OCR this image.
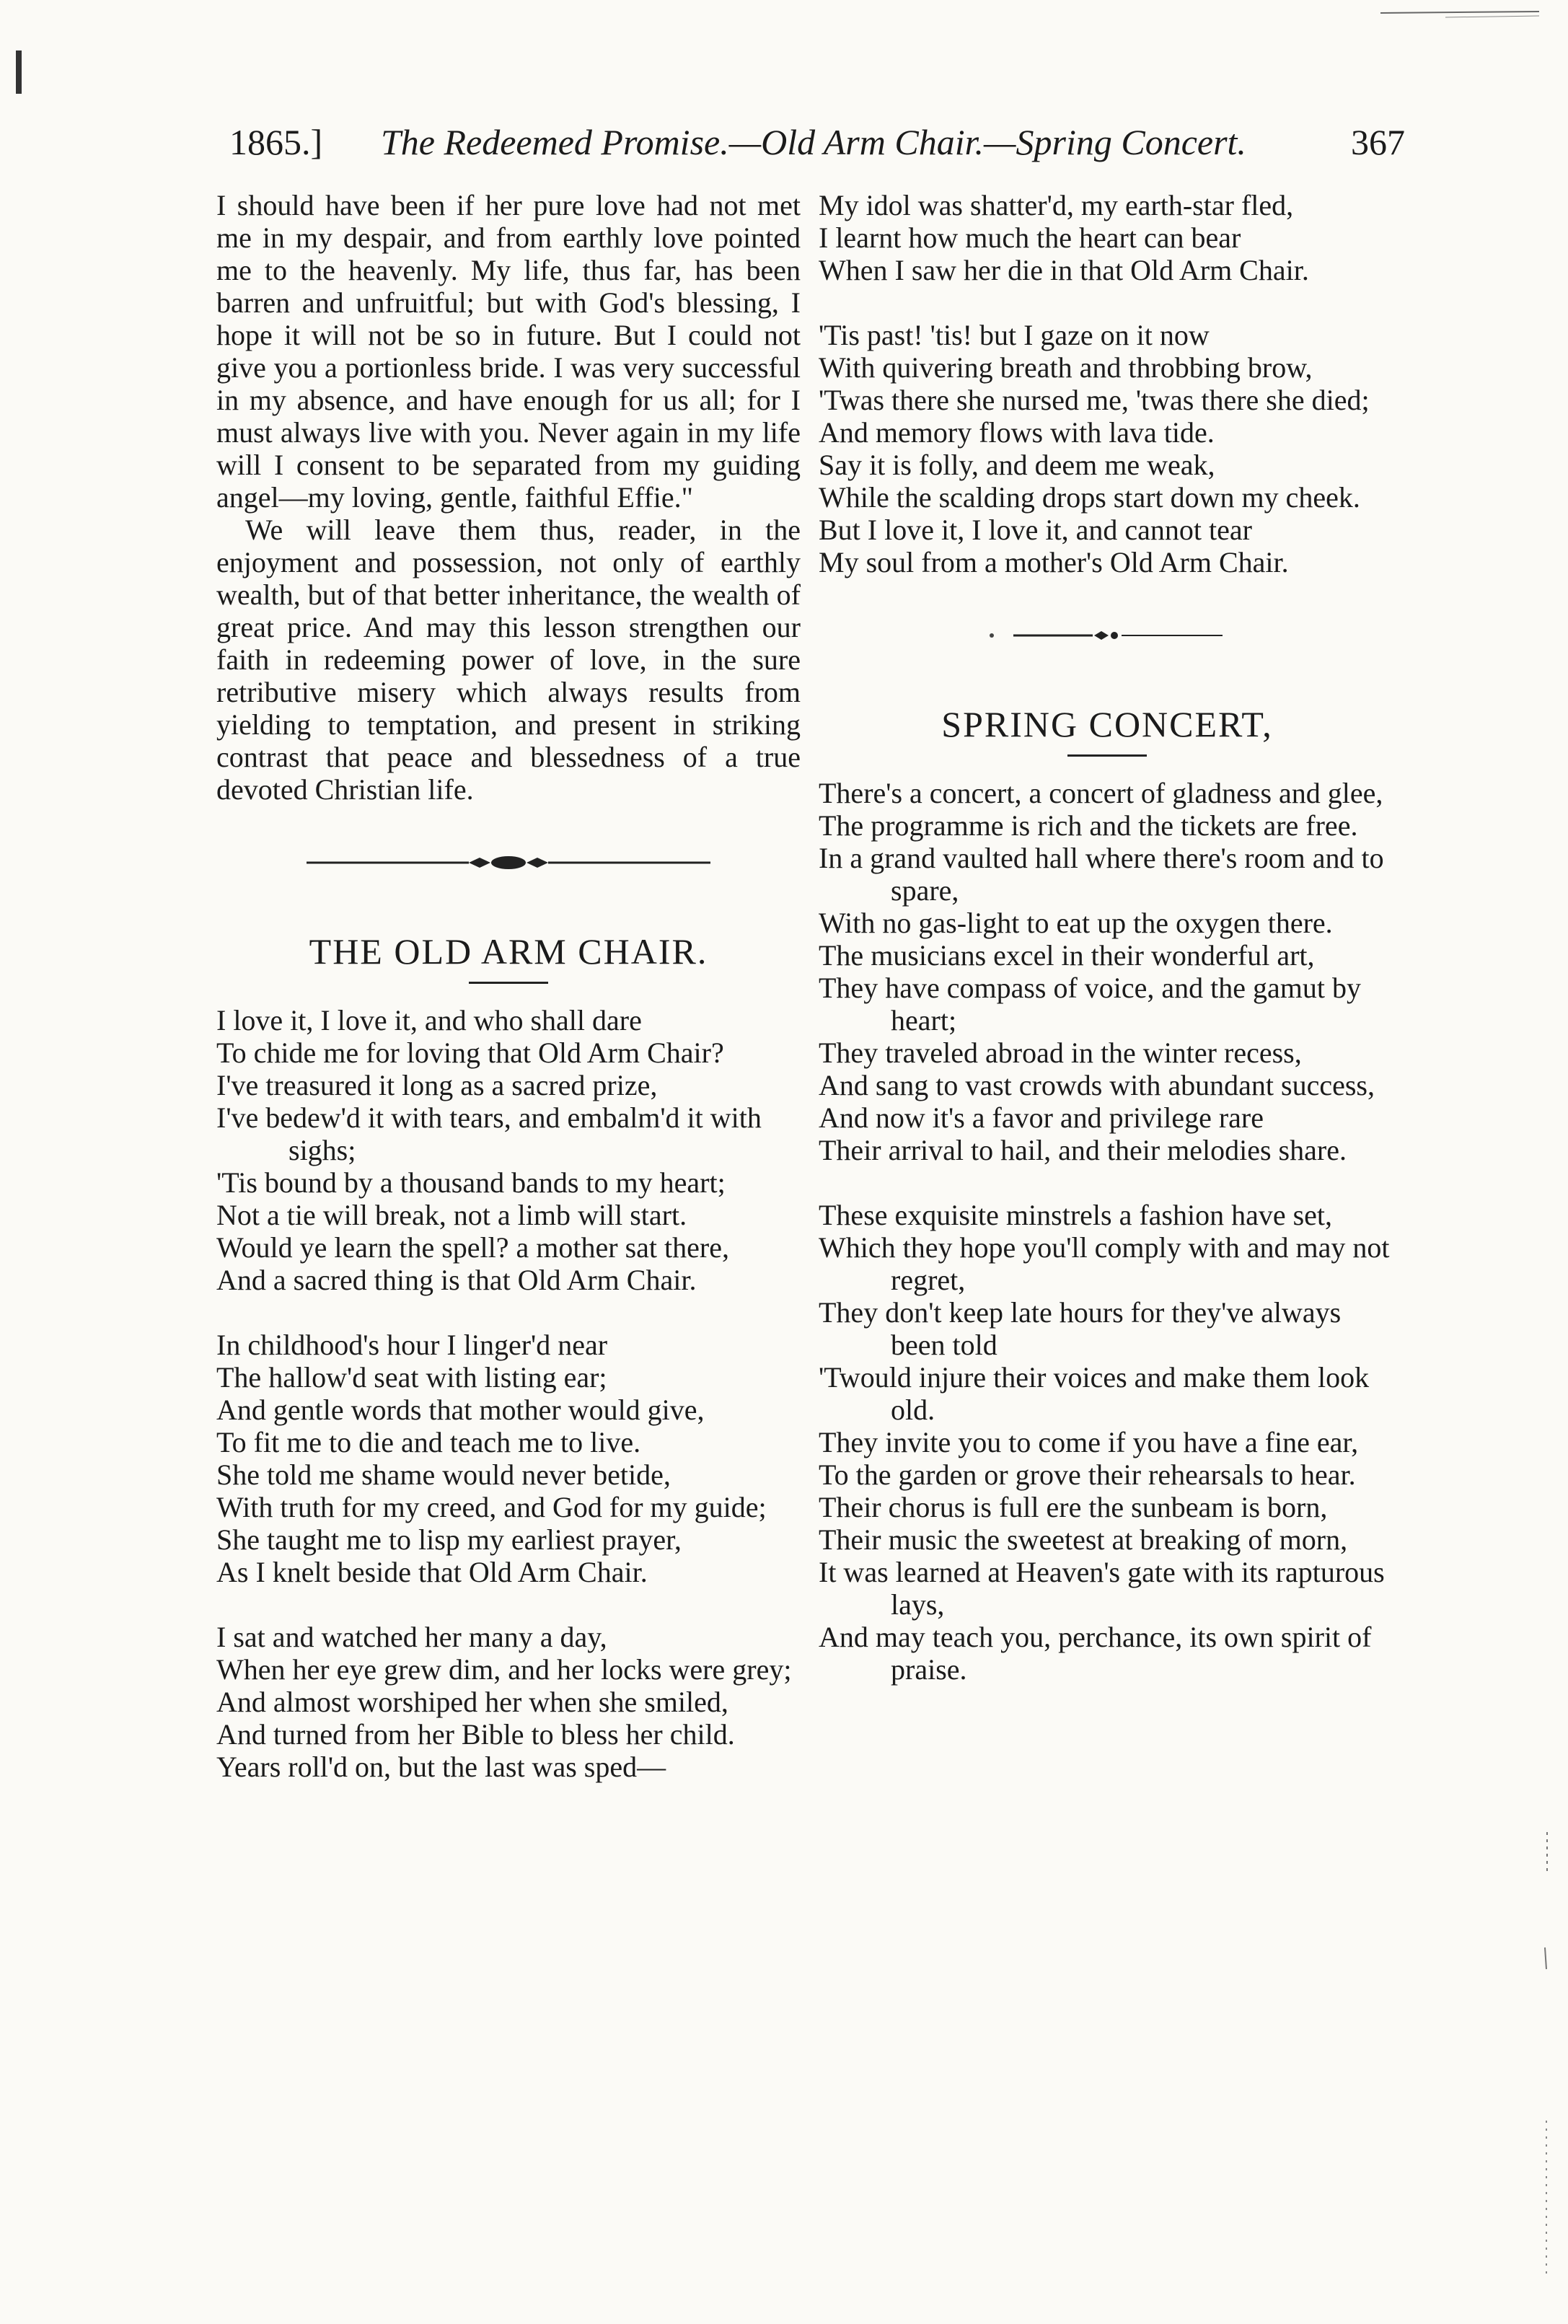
1865.] The Redeemed Promise.—Old Arm Chair.—Spring Concert.	367

I should have been if her pure love had not met me in my despair, and from earthly love pointed me to the heavenly. My life, thus far, has been barren and unfruitful; but with God's blessing, I hope it will not be so in future. But I could not give you a portionless bride. I was very successful in my absence, and have enough for us all; for I must always live with you. Never again in my life will I consent to be separated from my guiding angel—my loving, gentle, faithful Effie."

We will leave them thus, reader, in the enjoyment and possession, not only of earthly wealth, but of that better inheritance, the wealth of great price. And may this lesson strengthen our faith in redeeming power of love, in the sure retributive misery which always results from yielding to temptation, and present in striking contrast that peace and blessedness of a true devoted Christian life.

THE OLD ARM CHAIR.
I love it, I love it, and who shall dare
To chide me for loving that Old Arm Chair?
I've treasured it long as a sacred prize,
I've bedew'd it with tears, and embalm'd it with sighs;
'Tis bound by a thousand bands to my heart;
Not a tie will break, not a limb will start.
Would ye learn the spell? a mother sat there,
And a sacred thing is that Old Arm Chair.
In childhood's hour I linger'd near
The hallow'd seat with listing ear;
And gentle words that mother would give,
To fit me to die and teach me to live.
She told me shame would never betide,
With truth for my creed, and God for my guide;
She taught me to lisp my earliest prayer,
As I knelt beside that Old Arm Chair.
I sat and watched her many a day,
When her eye grew dim, and her locks were grey;
And almost worshiped her when she smiled,
And turned from her Bible to bless her child.
Years roll'd on, but the last was sped—
My idol was shatter'd, my earth-star fled,
I learnt how much the heart can bear
When I saw her die in that Old Arm Chair.
'Tis past! 'tis! but I gaze on it now
With quivering breath and throbbing brow,
'Twas there she nursed me, 'twas there she died;
And memory flows with lava tide.
Say it is folly, and deem me weak,
While the scalding drops start down my cheek.
But I love it, I love it, and cannot tear
My soul from a mother's Old Arm Chair.
SPRING CONCERT,
There's a concert, a concert of gladness and glee,
The programme is rich and the tickets are free.
In a grand vaulted hall where there's room and to spare,
With no gas-light to eat up the oxygen there.
The musicians excel in their wonderful art,
They have compass of voice, and the gamut by heart;
They traveled abroad in the winter recess,
And sang to vast crowds with abundant success,
And now it's a favor and privilege rare
Their arrival to hail, and their melodies share.
These exquisite minstrels a fashion have set,
Which they hope you'll comply with and may not regret,
They don't keep late hours for they've always been told
'Twould injure their voices and make them look old.
They invite you to come if you have a fine ear,
To the garden or grove their rehearsals to hear.
Their chorus is full ere the sunbeam is born,
Their music the sweetest at breaking of morn,
It was learned at Heaven's gate with its rapturous lays,
And may teach you, perchance, its own spirit of praise.
